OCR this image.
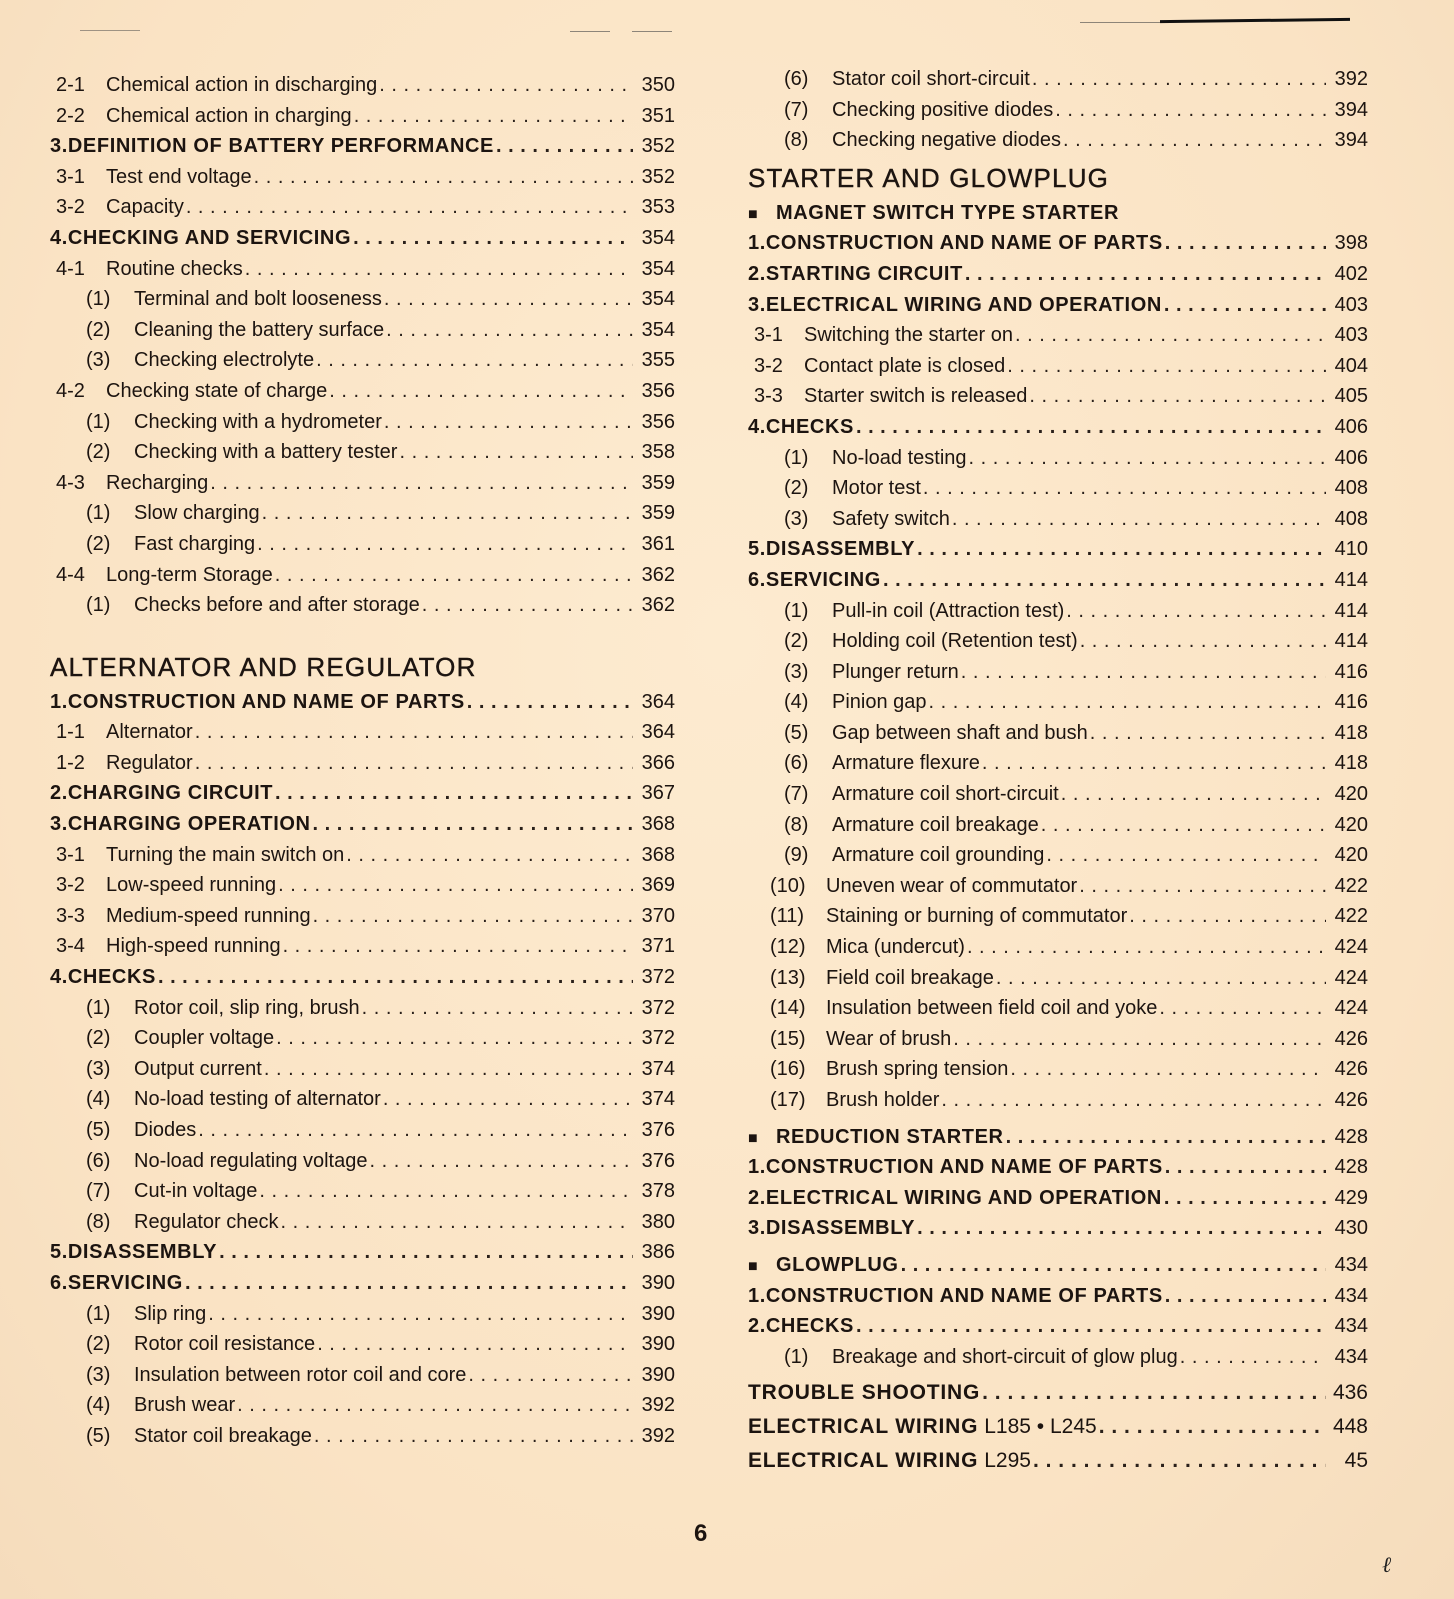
2-1	Chemical action in discharging . . .	350
2-2	Chemical action in charging . . .	351
3. DEFINITION OF BATTERY PERFORMANCE . . .	352
3-1	Test end voltage . . .	352
3-2	Capacity . . .	353
4. CHECKING AND SERVICING . . .	354
4-1	Routine checks . . .	354
(1)	Terminal and bolt looseness . . .	354
(2)	Cleaning the battery surface . . .	354
(3)	Checking electrolyte . . .	355
4-2	Checking state of charge . . .	356
(1)	Checking with a hydrometer . . .	356
(2)	Checking with a battery tester . . .	358
4-3	Recharging . . .	359
(1)	Slow charging . . .	359
(2)	Fast charging . . .	361
4-4	Long-term Storage . . .	362
(1)	Checks before and after storage . . .	362
ALTERNATOR AND REGULATOR
1. CONSTRUCTION AND NAME OF PARTS . . .	364
1-1	Alternator . . .	364
1-2	Regulator . . .	366
2. CHARGING CIRCUIT . . .	367
3. CHARGING OPERATION . . .	368
3-1	Turning the main switch on . . .	368
3-2	Low-speed running . . .	369
3-3	Medium-speed running . . .	370
3-4	High-speed running . . .	371
4. CHECKS . . .	372
(1)	Rotor coil, slip ring, brush . . .	372
(2)	Coupler voltage . . .	372
(3)	Output current . . .	374
(4)	No-load testing of alternator . . .	374
(5)	Diodes . . .	376
(6)	No-load regulating voltage . . .	376
(7)	Cut-in voltage . . .	378
(8)	Regulator check . . .	380
5. DISASSEMBLY . . .	386
6. SERVICING . . .	390
(1)	Slip ring . . .	390
(2)	Rotor coil resistance . . .	390
(3)	Insulation between rotor coil and core . . .	390
(4)	Brush wear . . .	392
(5)	Stator coil breakage . . .	392
(6)	Stator coil short-circuit . . .	392
(7)	Checking positive diodes . . .	394
(8)	Checking negative diodes . . .	394
STARTER AND GLOWPLUG
■ MAGNET SWITCH TYPE STARTER
1. CONSTRUCTION AND NAME OF PARTS . . .	398
2. STARTING CIRCUIT . . .	402
3. ELECTRICAL WIRING AND OPERATION . . .	403
3-1	Switching the starter on . . .	403
3-2	Contact plate is closed . . .	404
3-3	Starter switch is released . . .	405
4. CHECKS . . .	406
(1)	No-load testing . . .	406
(2)	Motor test . . .	408
(3)	Safety switch . . .	408
5. DISASSEMBLY . . .	410
6. SERVICING . . .	414
(1)	Pull-in coil (Attraction test) . . .	414
(2)	Holding coil (Retention test) . . .	414
(3)	Plunger return . . .	416
(4)	Pinion gap . . .	416
(5)	Gap between shaft and bush . . .	418
(6)	Armature flexure . . .	418
(7)	Armature coil short-circuit . . .	420
(8)	Armature coil breakage . . .	420
(9)	Armature coil grounding . . .	420
(10)	Uneven wear of commutator . . .	422
(11)	Staining or burning of commutator . . .	422
(12)	Mica (undercut) . . .	424
(13)	Field coil breakage . . .	424
(14)	Insulation between field coil and yoke . . .	424
(15)	Wear of brush . . .	426
(16)	Brush spring tension . . .	426
(17)	Brush holder . . .	426
■ REDUCTION STARTER . . .	428
1. CONSTRUCTION AND NAME OF PARTS . . .	428
2. ELECTRICAL WIRING AND OPERATION . . .	429
3. DISASSEMBLY . . .	430
■ GLOWPLUG . . .	434
1. CONSTRUCTION AND NAME OF PARTS . . .	434
2. CHECKS . . .	434
(1)	Breakage and short-circuit of glow plug . . .	434
TROUBLE SHOOTING . . .	436
ELECTRICAL WIRING L185 • L245 . . .	448
ELECTRICAL WIRING L295 . . .	45
6
ℓ
